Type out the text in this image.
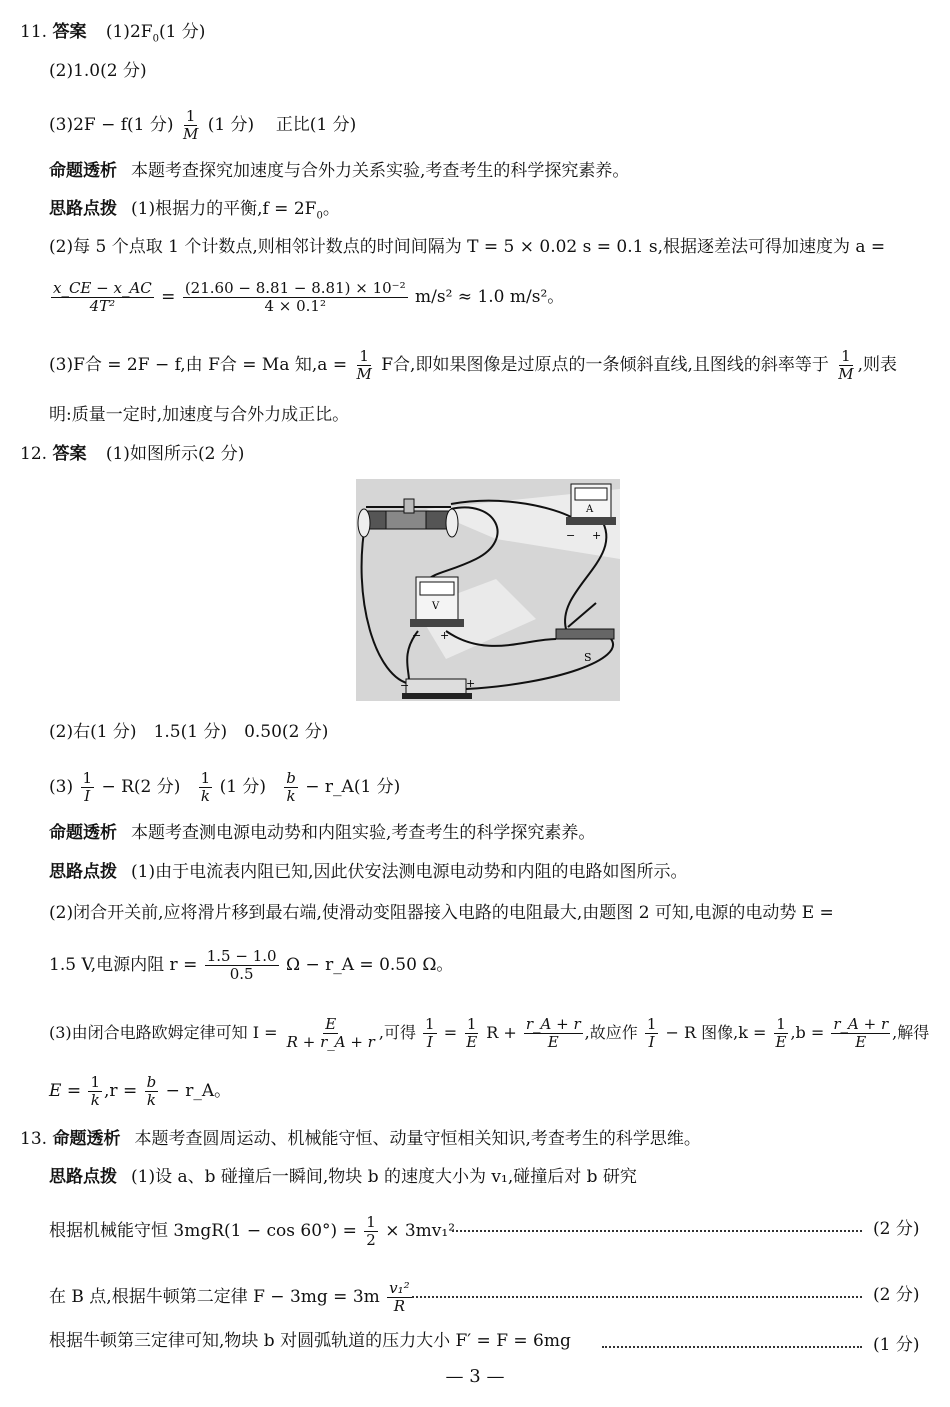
11. 答案 $(1)2F_0(1$ 分)
(2)1.0(2 分)
(3)2F − f(1 分) $\frac{1}{M} (1$ 分) 正比(1 分)
命题透析 本题考查探究加速度与合外力关系实验,考查考生的科学探究素养。
思路点拨 (1)根据力的平衡$,f = 2F_0$。
(2)每 5 个点取 1 个计数点,则相邻计数点的时间间隔为 T = 5 × 0.02 s = 0.1 s,根据逐差法可得加速度为 a =
$\frac{x\_CE - x\_AC}{\text{4T²}} = \frac{\text{(21.60 − 8.81 − 8.81) × 10⁻²}}{\text{4 × 0.1²}} m/s^2 \approx 1.0$ m/s²。
(3)F合 = 2F − f,由 F合 = Ma 知$,a = \frac{1}{M}$ F合,即如果图像是过原点的一条倾斜直线,且图线的斜率等于 $\frac{1}{M}$ ,则表
明:质量一定时,加速度与合外力成正比。
12. 答案 (1)如图所示(2 分)
A
− +
V
− +
S
−	+
(2)右(1 分)　1.5(1 分)　0.50(2 分)
$(3) \frac{1}{I} - R(2$ 分) $\frac{1}{k} (1$ 分) $\frac{b}{k}$ − r_A(1 分)
命题透析 本题考查测电源电动势和内阻实验,考查考生的科学探究素养。
思路点拨 (1)由于电流表内阻已知,因此伏安法测电源电动势和内阻的电路如图所示。
(2)闭合开关前,应将滑片移到最右端,使滑动变阻器接入电路的电阻最大,由题图 2 可知,电源的电动势 E =
1.5 V,电源内阻 $r = \frac{1.5 - 1.0}{0.5}$ Ω − r_A = 0.50 Ω。
(3)由闭合电路欧姆定律可知 $I = \frac{E}{R + r\_A + r}$ ,可得 $\frac{1}{I} = \frac{1}{E}$ $R + \frac{r\_A + r}{E}$ ,故应作 $\frac{1}{I} - R$ 图像$,k = \frac{1}{E} ,b = \frac{r\_A + r}{E}$ ,解得
$E = \frac{1}{k} ,r = \frac{b}{k}$ − r_A。
13. 命题透析 本题考查圆周运动、机械能守恒、动量守恒相关知识,考查考生的科学思维。
思路点拨 (1)设 a、b 碰撞后一瞬间,物块 b 的速度大小为 v₁,碰撞后对 b 研究
根据机械能守恒 $3mgR(1 - \cos 60^\circ) = \frac{1}{2} \times 3mv_1^2$	(2 分)
在 B 点,根据牛顿第二定律 $F - 3mg = 3m \frac{\text{v₁²}}{R}$	(2 分)
根据牛顿第三定律可知,物块 b 对圆弧轨道的压力大小 F′ = F = 6mg	(1 分)
— 3 —
